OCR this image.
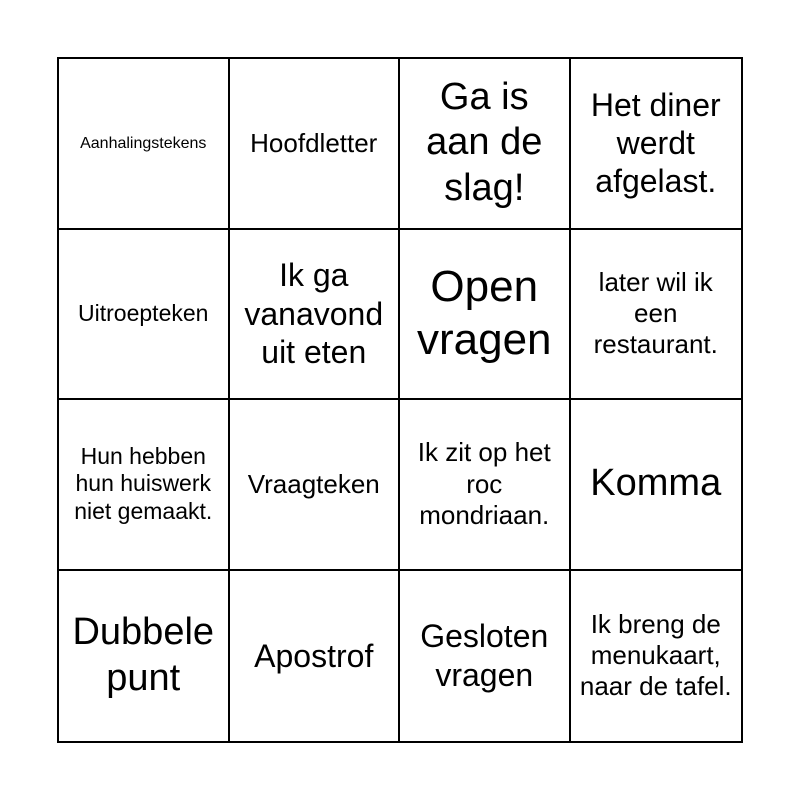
Aanhalingstekens Hoofdletter
Ga is aan de slag!
Het diner werdt afgelast.
Uitroepteken
Ik ga vanavond uit eten
Open vragen
later wil ik een restaurant.
Hun hebben hun huiswerk niet gemaakt.
Vraagteken
Ik zit op het roc mondriaan.
Komma
Dubbele punt
Apostrof
Gesloten vragen
Ik breng de menukaart, naar de tafel.
